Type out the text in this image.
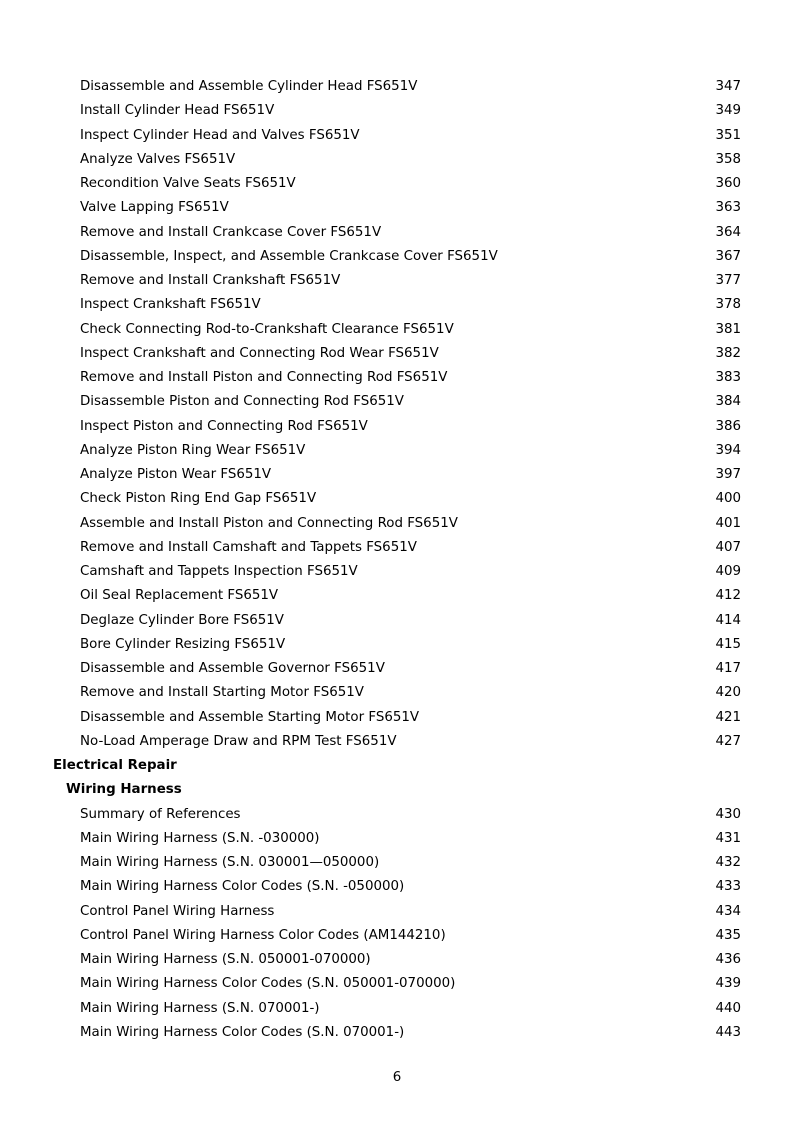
Disassemble and Assemble Cylinder Head FS651V	347
Install Cylinder Head FS651V	349
Inspect Cylinder Head and Valves FS651V	351
Analyze Valves FS651V	358
Recondition Valve Seats FS651V	360
Valve Lapping FS651V	363
Remove and Install Crankcase Cover FS651V	364
Disassemble, Inspect, and Assemble Crankcase Cover FS651V	367
Remove and Install Crankshaft FS651V	377
Inspect Crankshaft FS651V	378
Check Connecting Rod-to-Crankshaft Clearance FS651V	381
Inspect Crankshaft and Connecting Rod Wear FS651V	382
Remove and Install Piston and Connecting Rod FS651V	383
Disassemble Piston and Connecting Rod FS651V	384
Inspect Piston and Connecting Rod FS651V	386
Analyze Piston Ring Wear FS651V	394
Analyze Piston Wear FS651V	397
Check Piston Ring End Gap FS651V	400
Assemble and Install Piston and Connecting Rod FS651V	401
Remove and Install Camshaft and Tappets FS651V	407
Camshaft and Tappets Inspection FS651V	409
Oil Seal Replacement FS651V	412
Deglaze Cylinder Bore FS651V	414
Bore Cylinder Resizing FS651V	415
Disassemble and Assemble Governor FS651V	417
Remove and Install Starting Motor FS651V	420
Disassemble and Assemble Starting Motor FS651V	421
No-Load Amperage Draw and RPM Test FS651V	427
Electrical Repair
Wiring Harness
Summary of References	430
Main Wiring Harness (S.N. -030000)	431
Main Wiring Harness (S.N. 030001—050000)	432
Main Wiring Harness Color Codes (S.N. -050000)	433
Control Panel Wiring Harness	434
Control Panel Wiring Harness Color Codes (AM144210)	435
Main Wiring Harness (S.N. 050001-070000)	436
Main Wiring Harness Color Codes (S.N. 050001-070000)	439
Main Wiring Harness (S.N. 070001-)	440
Main Wiring Harness Color Codes (S.N. 070001-)	443
6
